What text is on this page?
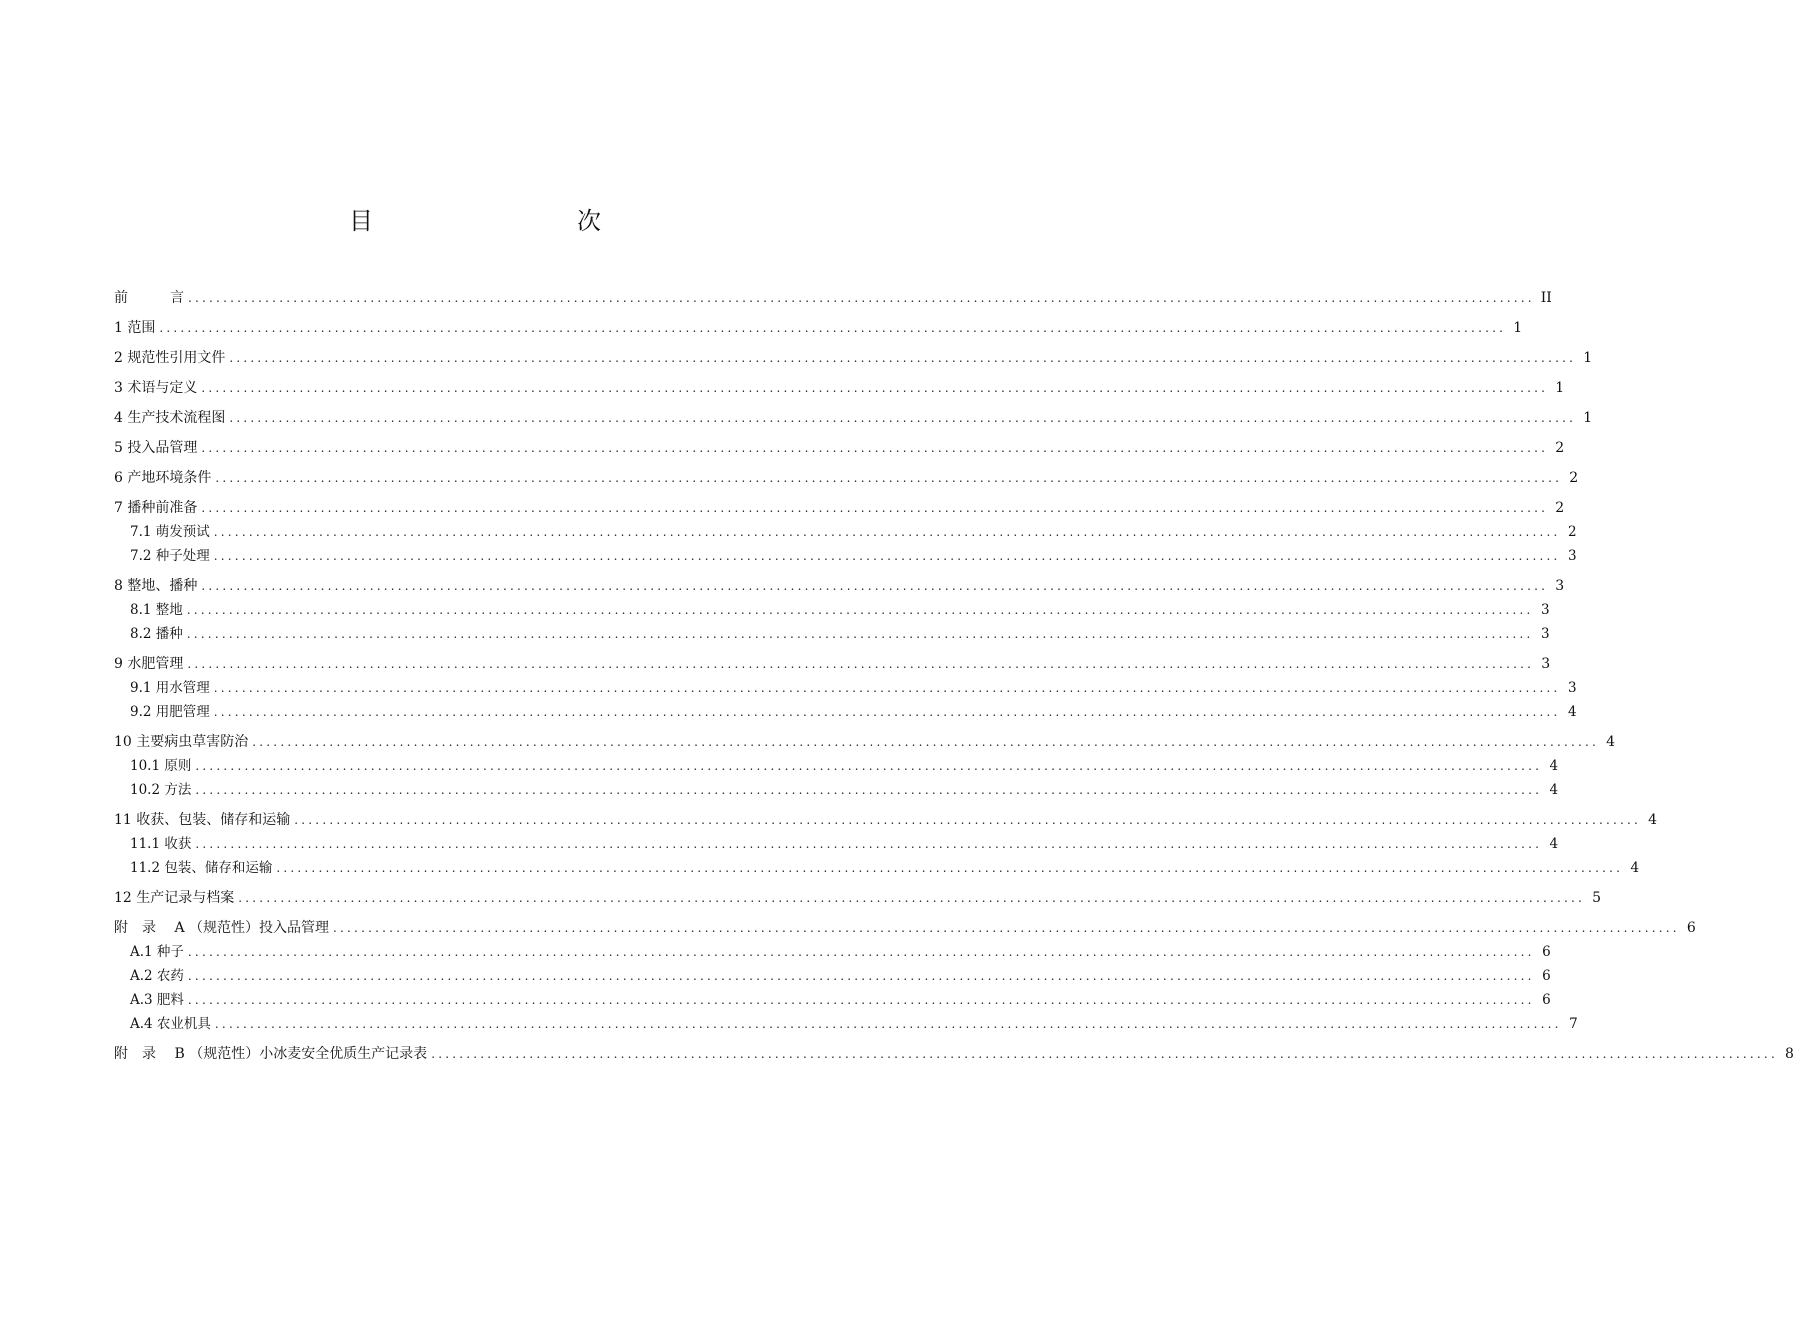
目　　次
前　　　言 ................................................................................................................................................................................................ II
1 范围 ................................................................................................................................................................................................ 1
2 规范性引用文件 ................................................................................................................................................................................................ 1
3 术语与定义 ................................................................................................................................................................................................ 1
4 生产技术流程图 ................................................................................................................................................................................................ 1
5 投入品管理 ................................................................................................................................................................................................ 2
6 产地环境条件 ................................................................................................................................................................................................ 2
7 播种前准备 ................................................................................................................................................................................................ 2
7.1 萌发预试 ................................................................................................................................................................................................ 2
7.2 种子处理 ................................................................................................................................................................................................ 3
8 整地、播种 ................................................................................................................................................................................................ 3
8.1 整地 ................................................................................................................................................................................................ 3
8.2 播种 ................................................................................................................................................................................................ 3
9 水肥管理 ................................................................................................................................................................................................ 3
9.1 用水管理 ................................................................................................................................................................................................ 3
9.2 用肥管理 ................................................................................................................................................................................................ 4
10 主要病虫草害防治 ................................................................................................................................................................................................ 4
10.1 原则 ................................................................................................................................................................................................ 4
10.2 方法 ................................................................................................................................................................................................ 4
11 收获、包装、储存和运输 ................................................................................................................................................................................................ 4
11.1 收获 ................................................................................................................................................................................................ 4
11.2 包装、储存和运输 ................................................................................................................................................................................................ 4
12 生产记录与档案 ................................................................................................................................................................................................ 5
附　录　 A （规范性）投入品管理 ................................................................................................................................................................................................ 6
A.1 种子 ................................................................................................................................................................................................ 6
A.2 农药 ................................................................................................................................................................................................ 6
A.3 肥料 ................................................................................................................................................................................................ 6
A.4 农业机具 ................................................................................................................................................................................................ 7
附　录　 B （规范性）小冰麦安全优质生产记录表 ................................................................................................................................................................................................ 8
